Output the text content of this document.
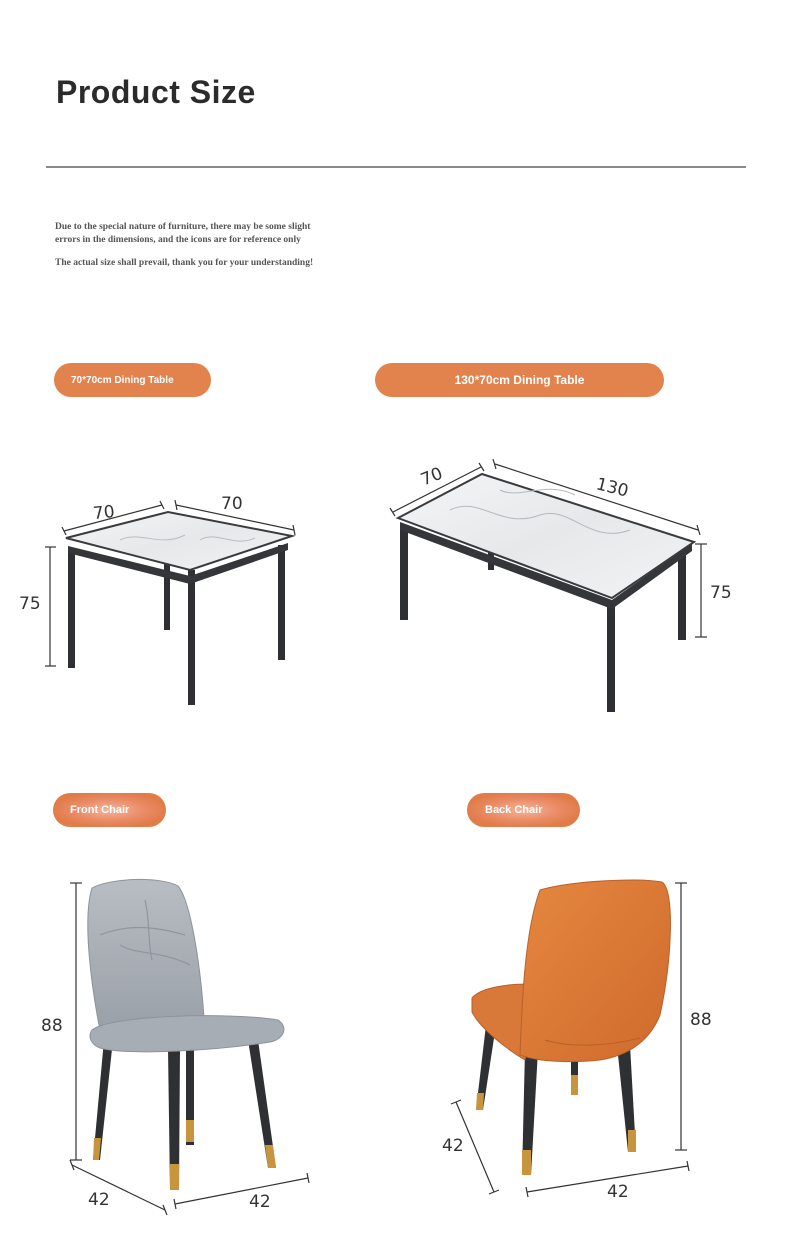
Product Size
Due to the special nature of furniture, there may be some slight
errors in the dimensions, and the icons are for reference only
The actual size shall prevail, thank you for your understanding!
70*70cm Dining Table	130*70cm Dining Table
Front Chair	Back Chair
70	70
75
70	130
75
88
42	42
88
42
42
